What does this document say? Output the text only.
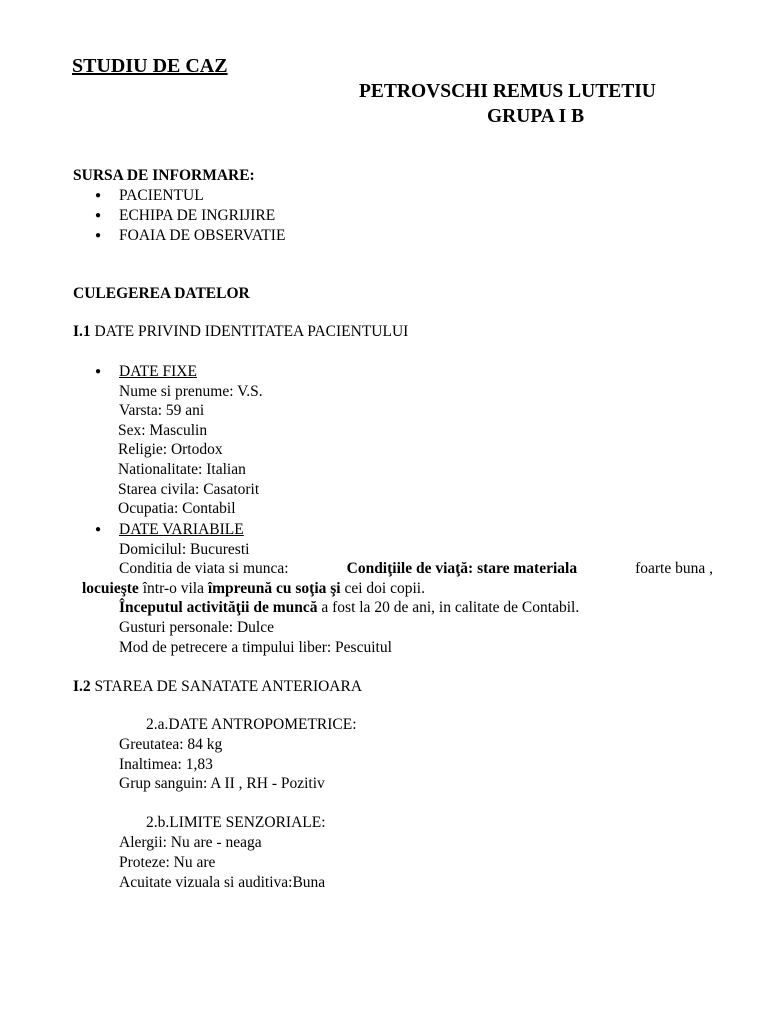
STUDIU DE CAZ
PETROVSCHI REMUS LUTETIU
GRUPA I B
SURSA DE INFORMARE:
● PACIENTUL
● ECHIPA DE INGRIJIRE
● FOAIA DE OBSERVATIE
CULEGEREA DATELOR
I.1 DATE PRIVIND IDENTITATEA PACIENTULUI
● DATE FIXE
Nume si prenume: V.S.
Varsta: 59 ani
Sex: Masculin
Religie: Ortodox
Nationalitate: Italian
Starea civila: Casatorit
Ocupatia: Contabil
● DATE VARIABILE
Domicilul: Bucuresti
Conditia de viata si munca:	Condiţiile de viaţă: stare materiala	foarte buna ,
locuieşte într-o vila împreună cu soţia şi cei doi copii.
Începutul activităţii de muncă a fost la 20 de ani, in calitate de Contabil.
Gusturi personale: Dulce
Mod de petrecere a timpului liber: Pescuitul
I.2 STAREA DE SANATATE ANTERIOARA
2.a.DATE ANTROPOMETRICE:
Greutatea: 84 kg
Inaltimea: 1,83
Grup sanguin: A II , RH - Pozitiv
2.b.LIMITE SENZORIALE:
Alergii: Nu are - neaga
Proteze: Nu are
Acuitate vizuala si auditiva:Buna
